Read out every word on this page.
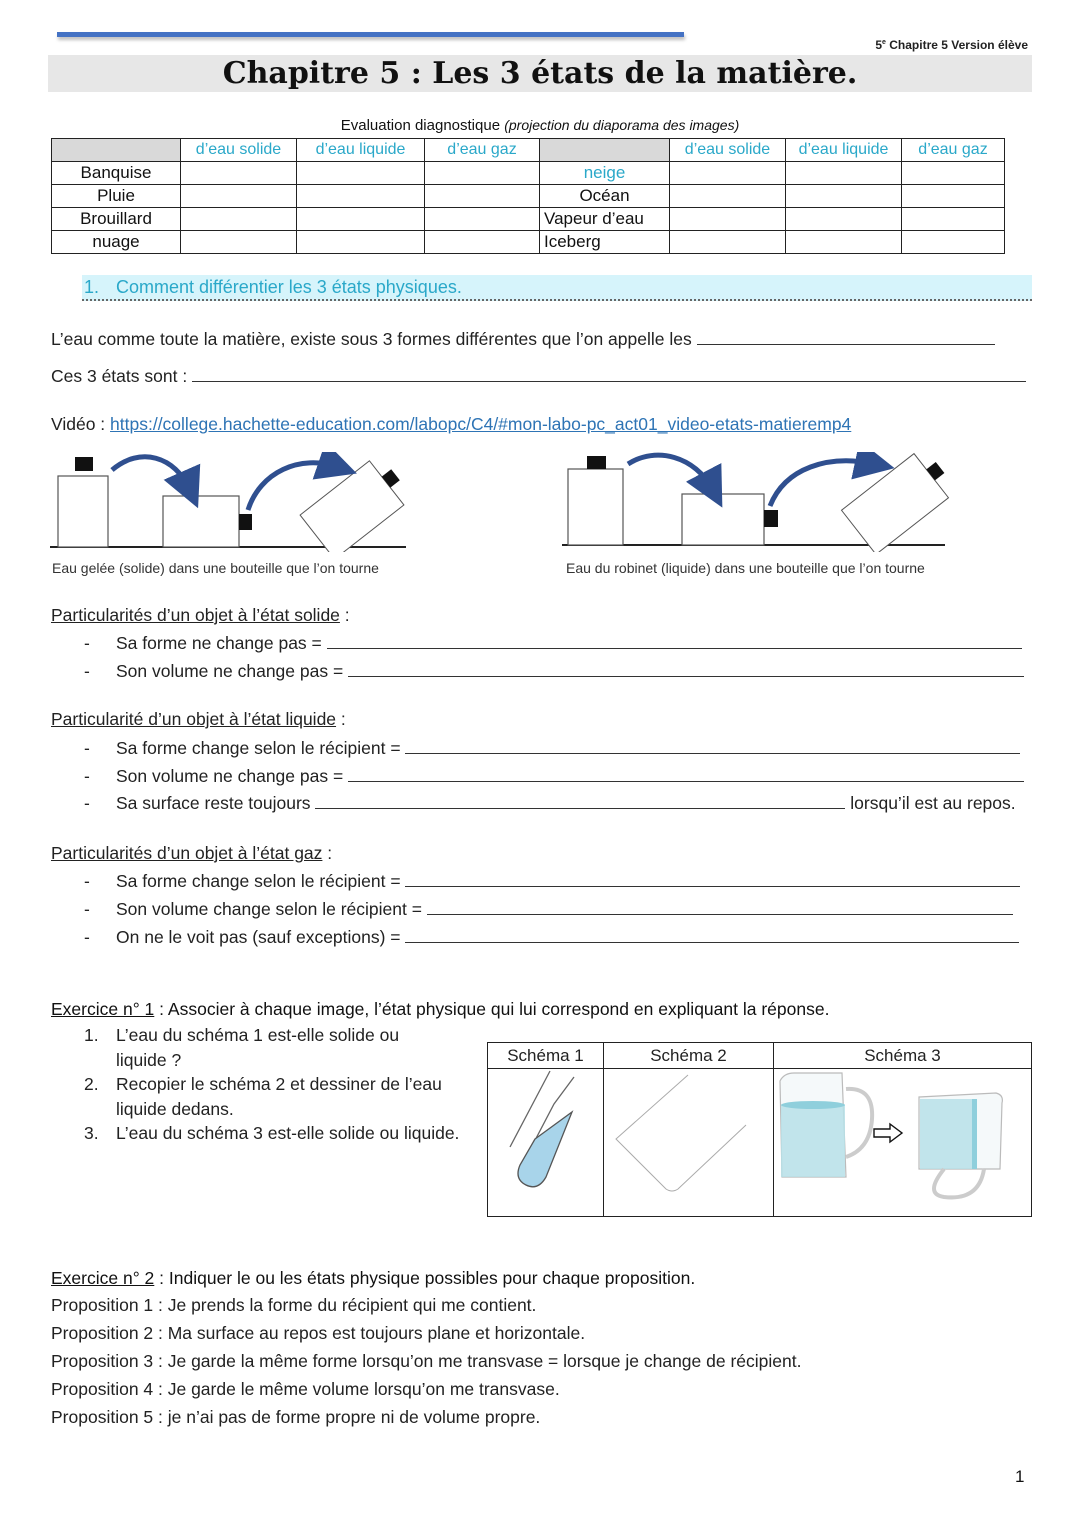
5e Chapitre 5 Version élève
Chapitre 5 : Les 3 états de la matière.
Evaluation diagnostique (projection du diaporama des images)
	d’eau solide	d’eau liquide	d’eau gaz		d’eau solide	d’eau liquide	d’eau gaz
Banquise				neige			
Pluie				Océan			
Brouillard				Vapeur d’eau			
nuage				Iceberg			
1. Comment différentier les 3 états physiques.
L’eau comme toute la matière, existe sous 3 formes différentes que l’on appelle les
Ces 3 états sont :
Vidéo : https://college.hachette-education.com/labopc/C4/#mon-labo-pc_act01_video-etats-matieremp4
Eau gelée (solide) dans une bouteille que l’on tourne	Eau du robinet (liquide) dans une bouteille que l’on tourne
Particularités d’un objet à l’état solide :
- Sa forme ne change pas =
- Son volume ne change pas =
Particularité d’un objet à l’état liquide :
- Sa forme change selon le récipient =
- Son volume ne change pas =
- Sa surface reste toujours	lorsqu’il est au repos.
Particularités d’un objet à l’état gaz :
- Sa forme change selon le récipient =
- Son volume change selon le récipient =
- On ne le voit pas (sauf exceptions) =
Exercice n° 1 : Associer à chaque image, l’état physique qui lui correspond en expliquant la réponse.
1. L’eau du schéma 1 est-elle solide ou
liquide ?
2. Recopier le schéma 2 et dessiner de l’eau
liquide dedans.
3. L’eau du schéma 3 est-elle solide ou liquide.
Schéma 1	Schéma 2	Schéma 3

Exercice n° 2 : Indiquer le ou les états physique possibles pour chaque proposition.
Proposition 1 : Je prends la forme du récipient qui me contient.
Proposition 2 : Ma surface au repos est toujours plane et horizontale.
Proposition 3 : Je garde la même forme lorsqu’on me transvase = lorsque je change de récipient.
Proposition 4 : Je garde le même volume lorsqu’on me transvase.
Proposition 5 : je n’ai pas de forme propre ni de volume propre.
1
